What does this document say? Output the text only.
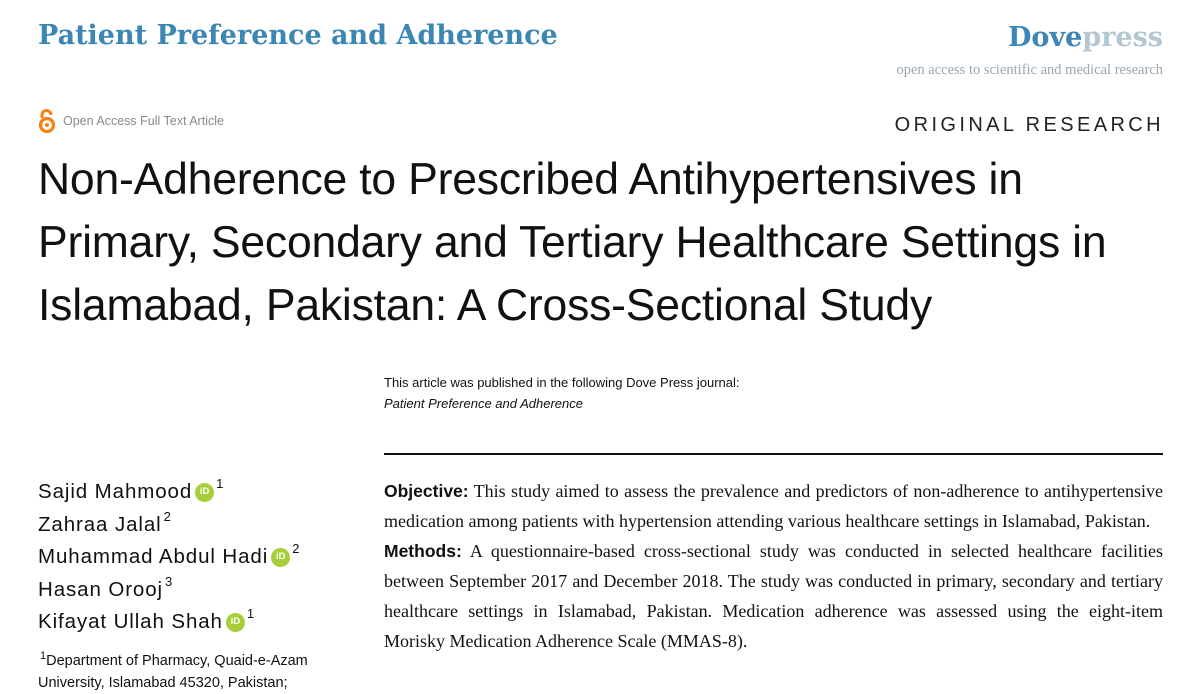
Patient Preference and Adherence	Dovepress
open access to scientific and medical research
Open Access Full Text Article	ORIGINAL RESEARCH
Non-Adherence to Prescribed Antihypertensives in Primary, Secondary and Tertiary Healthcare Settings in Islamabad, Pakistan: A Cross-Sectional Study
This article was published in the following Dove Press journal:
Patient Preference and Adherence
Sajid Mahmood iD
1
Zahraa Jalal 2
Muhammad Abdul Hadi iD
2
Hasan Orooj 3
Kifayat Ullah Shah iD
1
$^1$Department of Pharmacy, Quaid-e-Azam University, Islamabad 45320, Pakistan;

Objective: This study aimed to assess the prevalence and predictors of non-adherence to antihypertensive medication among patients with hypertension attending various healthcare settings in Islamabad, Pakistan.

Methods: A questionnaire-based cross-sectional study was conducted in selected healthcare facilities between September 2017 and December 2018. The study was conducted in primary, secondary and tertiary healthcare settings in Islamabad, Pakistan. Medication adherence was assessed using the eight-item Morisky Medication Adherence Scale (MMAS-8).
